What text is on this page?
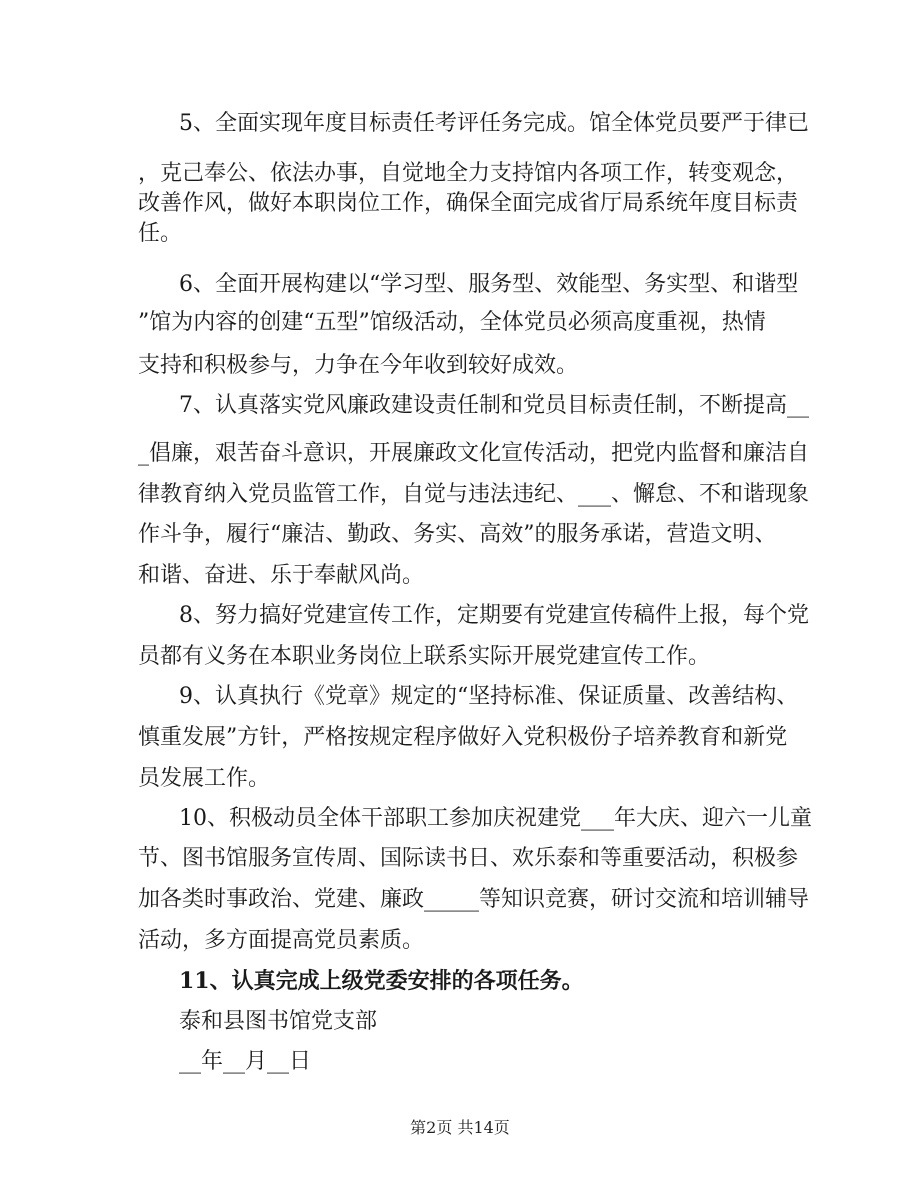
5、全面实现年度目标责任考评任务完成。馆全体党员要严于律已
，克己奉公、依法办事，自觉地全力支持馆内各项工作，转变观念，
改善作风，做好本职岗位工作，确保全面完成省厅局系统年度目标责
任。
6、全面开展构建以“学习型、服务型、效能型、务实型、和谐型
”馆为内容的创建“五型”馆级活动，全体党员必须高度重视，热情
支持和积极参与，力争在今年收到较好成效。
7、认真落实党风廉政建设责任制和党员目标责任制，不断提高__
_倡廉，艰苦奋斗意识，开展廉政文化宣传活动，把党内监督和廉洁自
律教育纳入党员监管工作，自觉与违法违纪、___、懈怠、不和谐现象
作斗争，履行“廉洁、勤政、务实、高效”的服务承诺，营造文明、
和谐、奋进、乐于奉献风尚。
8、努力搞好党建宣传工作，定期要有党建宣传稿件上报，每个党
员都有义务在本职业务岗位上联系实际开展党建宣传工作。
9、认真执行《党章》规定的“坚持标准、保证质量、改善结构、
慎重发展”方针，严格按规定程序做好入党积极份子培养教育和新党
员发展工作。
10、积极动员全体干部职工参加庆祝建党___年大庆、迎六一儿童
节、图书馆服务宣传周、国际读书日、欢乐泰和等重要活动，积极参
加各类时事政治、党建、廉政_____等知识竞赛，研讨交流和培训辅导
活动，多方面提高党员素质。
11、认真完成上级党委安排的各项任务。
泰和县图书馆党支部
__年__月__日
第2页 共14页
